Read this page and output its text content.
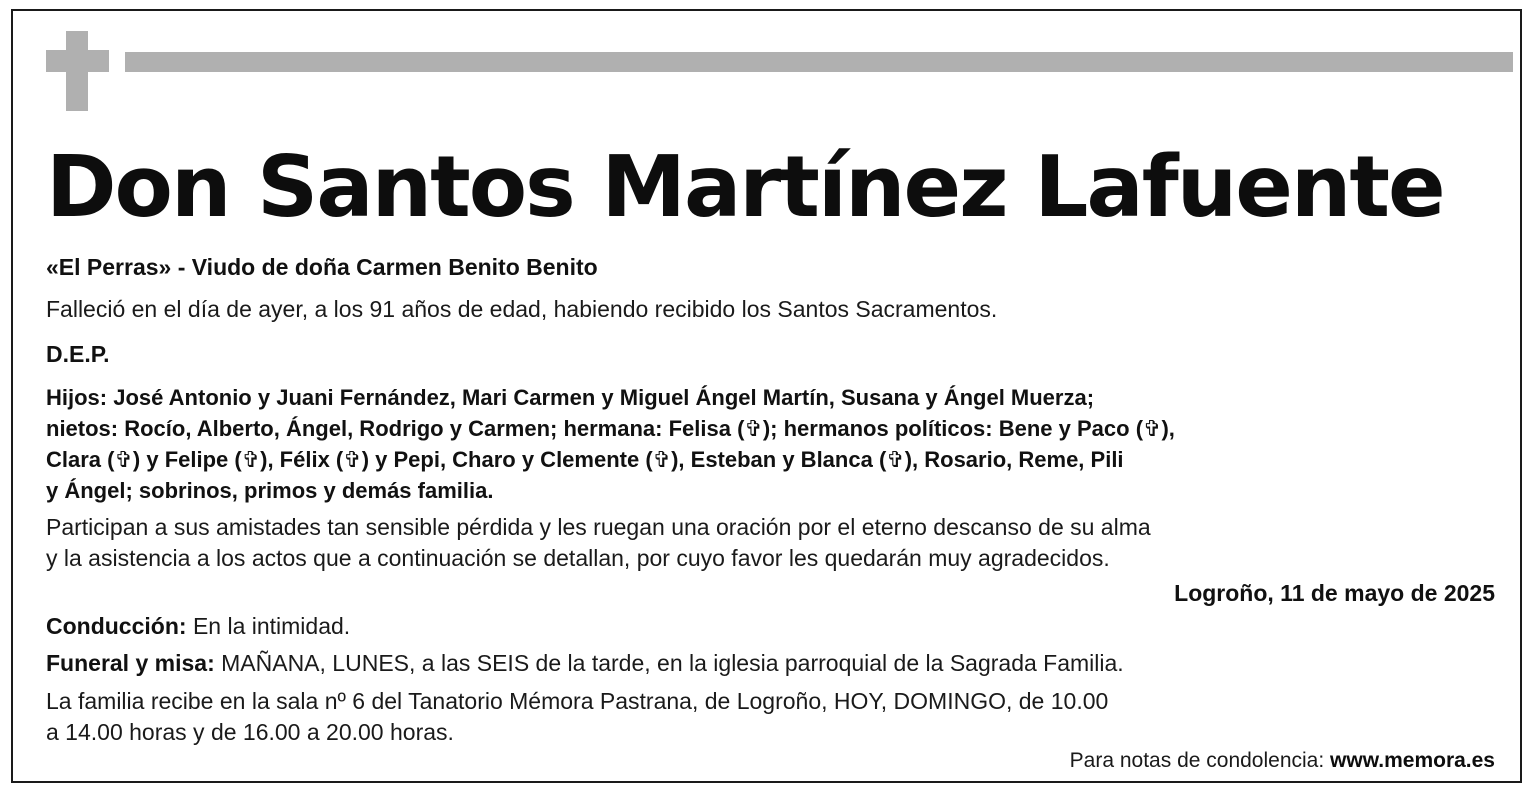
Don Santos Martínez Lafuente
«El Perras» - Viudo de doña Carmen Benito Benito
Falleció en el día de ayer, a los 91 años de edad, habiendo recibido los Santos Sacramentos.
D.E.P.
Hijos: José Antonio y Juani Fernández, Mari Carmen y Miguel Ángel Martín, Susana y Ángel Muerza;
nietos: Rocío, Alberto, Ángel, Rodrigo y Carmen; hermana: Felisa (✞); hermanos políticos: Bene y Paco (✞),
Clara (✞) y Felipe (✞), Félix (✞) y Pepi, Charo y Clemente (✞), Esteban y Blanca (✞), Rosario, Reme, Pili
y Ángel; sobrinos, primos y demás familia.
Participan a sus amistades tan sensible pérdida y les ruegan una oración por el eterno descanso de su alma
y la asistencia a los actos que a continuación se detallan, por cuyo favor les quedarán muy agradecidos.
Logroño, 11 de mayo de 2025
Conducción: En la intimidad.
Funeral y misa: MAÑANA, LUNES, a las SEIS de la tarde, en la iglesia parroquial de la Sagrada Familia.
La familia recibe en la sala nº 6 del Tanatorio Mémora Pastrana, de Logroño, HOY, DOMINGO, de 10.00
a 14.00 horas y de 16.00 a 20.00 horas.
Para notas de condolencia: www.memora.es
